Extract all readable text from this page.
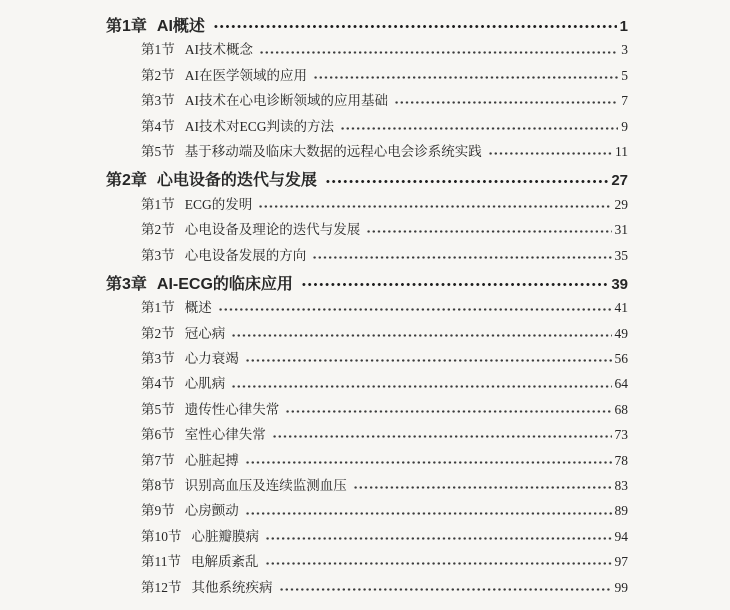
第1章 AI概述	1
第1节 AI技术概念	3
第2节 AI在医学领域的应用	5
第3节 AI技术在心电诊断领域的应用基础	7
第4节 AI技术对ECG判读的方法	9
第5节 基于移动端及临床大数据的远程心电会诊系统实践	11
第2章 心电设备的迭代与发展	27
第1节 ECG的发明	29
第2节 心电设备及理论的迭代与发展	31
第3节 心电设备发展的方向	35
第3章 AI-ECG的临床应用	39
第1节 概述	41
第2节 冠心病	49
第3节 心力衰竭	56
第4节 心肌病	64
第5节 遗传性心律失常	68
第6节 室性心律失常	73
第7节 心脏起搏	78
第8节 识别高血压及连续监测血压	83
第9节 心房颤动	89
第10节 心脏瓣膜病	94
第11节 电解质紊乱	97
第12节 其他系统疾病	99
